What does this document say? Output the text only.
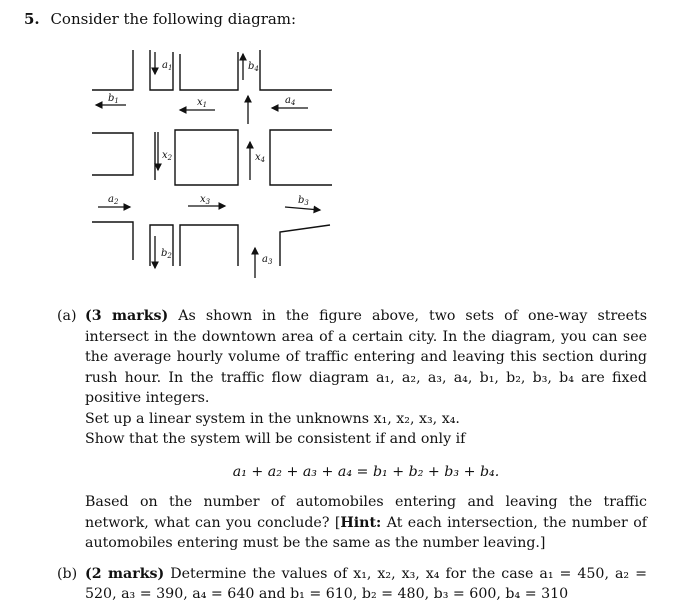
5. Consider the following diagram:
$a_1$	$b_4$
$b_1$	$x_1$	$a_4$
$x_2$	$x_4$
$a_2$	$x_3$	$b_3$
$b_2$	$a_3$
(a) (3 marks) As shown in the figure above, two sets of one-way streets intersect in the downtown area of a certain city. In the diagram, you can see the average hourly volume of traffic entering and leaving this section during rush hour. In the traffic flow diagram a₁, a₂, a₃, a₄, b₁, b₂, b₃, b₄ are fixed positive integers.

Set up a linear system in the unknowns x₁, x₂, x₃, x₄.

Show that the system will be consistent if and only if

a₁ + a₂ + a₃ + a₄ = b₁ + b₂ + b₃ + b₄.

Based on the number of automobiles entering and leaving the traffic network, what can you conclude? [Hint: At each intersection, the number of automobiles entering must be the same as the number leaving.]

(b) (2 marks) Determine the values of x₁, x₂, x₃, x₄ for the case a₁ = 450, a₂ = 520, a₃ = 390, a₄ = 640 and b₁ = 610, b₂ = 480, b₃ = 600, b₄ = 310
